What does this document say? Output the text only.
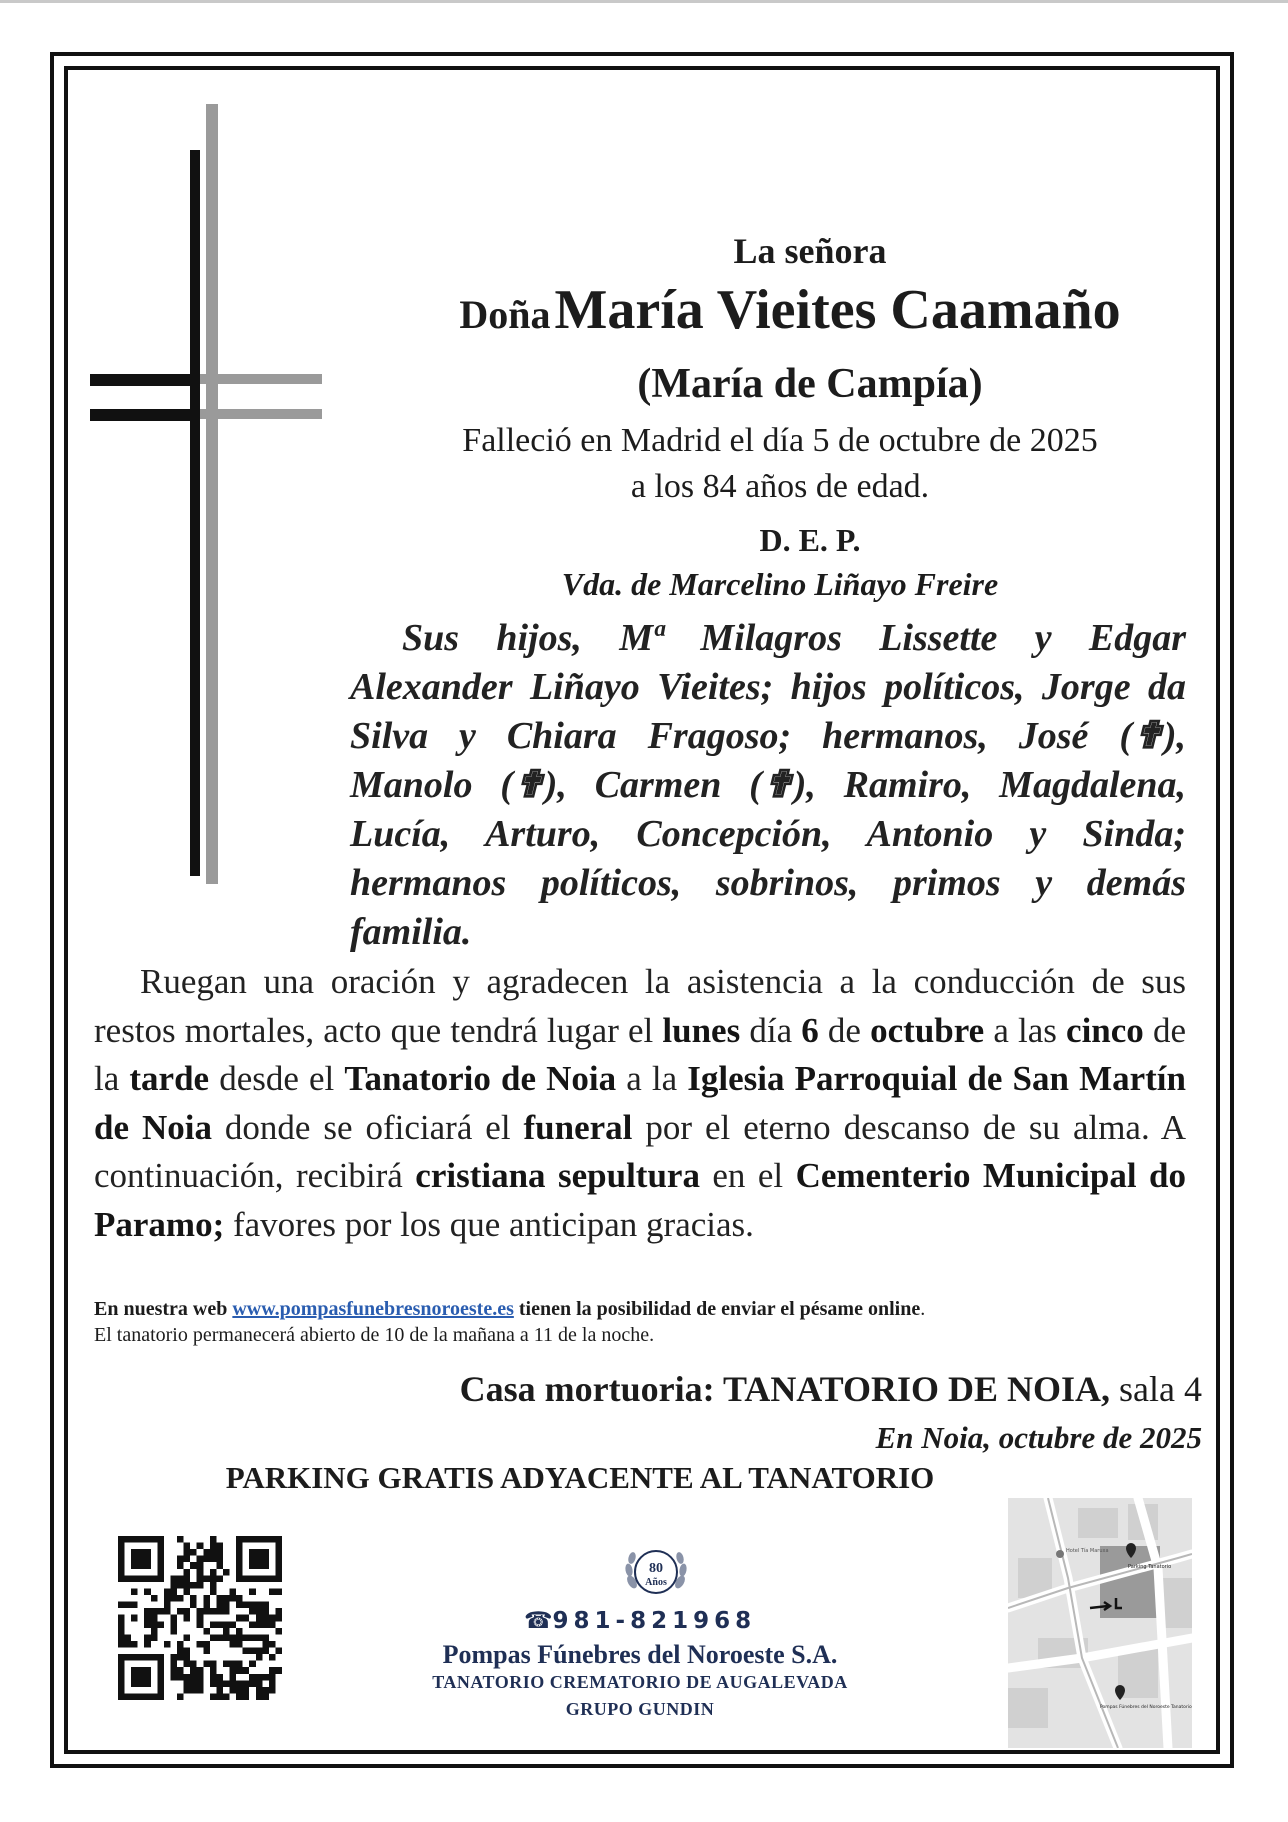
La señora
Doña María Vieites Caamaño
(María de Campía)
Falleció en Madrid el día 5 de octubre de 2025
a los 84 años de edad.
D. E. P.
Vda. de Marcelino Liñayo Freire
Sus hijos, Mª Milagros Lissette y Edgar Alexander Liñayo Vieites; hijos políticos, Jorge da Silva y Chiara Fragoso; hermanos, José (✟), Manolo (✟), Carmen (✟), Ramiro, Magdalena, Lucía, Arturo, Concepción, Antonio y Sinda; hermanos políticos, sobrinos, primos y demás familia.
Ruegan una oración y agradecen la asistencia a la conducción de sus restos mortales, acto que tendrá lugar el lunes día 6 de octubre a las cinco de la tarde desde el Tanatorio de Noia a la Iglesia Parroquial de San Martín de Noia donde se oficiará el funeral por el eterno descanso de su alma. A continuación, recibirá cristiana sepultura en el Cementerio Municipal do Paramo; favores por los que anticipan gracias.
En nuestra web www.pompasfunebresnoroeste.es tienen la posibilidad de enviar el pésame online.
El tanatorio permanecerá abierto de 10 de la mañana a 11 de la noche.
Casa mortuoria: TANATORIO DE NOIA, sala 4
En Noia, octubre de 2025
PARKING GRATIS ADYACENTE AL TANATORIO
80
Años
☎981-821968
Pompas Fúnebres del Noroeste S.A.
TANATORIO CREMATORIO DE AUGALEVADA
GRUPO GUNDIN
Hotel Tía Maruxa
Parking Tanatorio
Pompas Fúnebres del Noroeste Tanatorio
